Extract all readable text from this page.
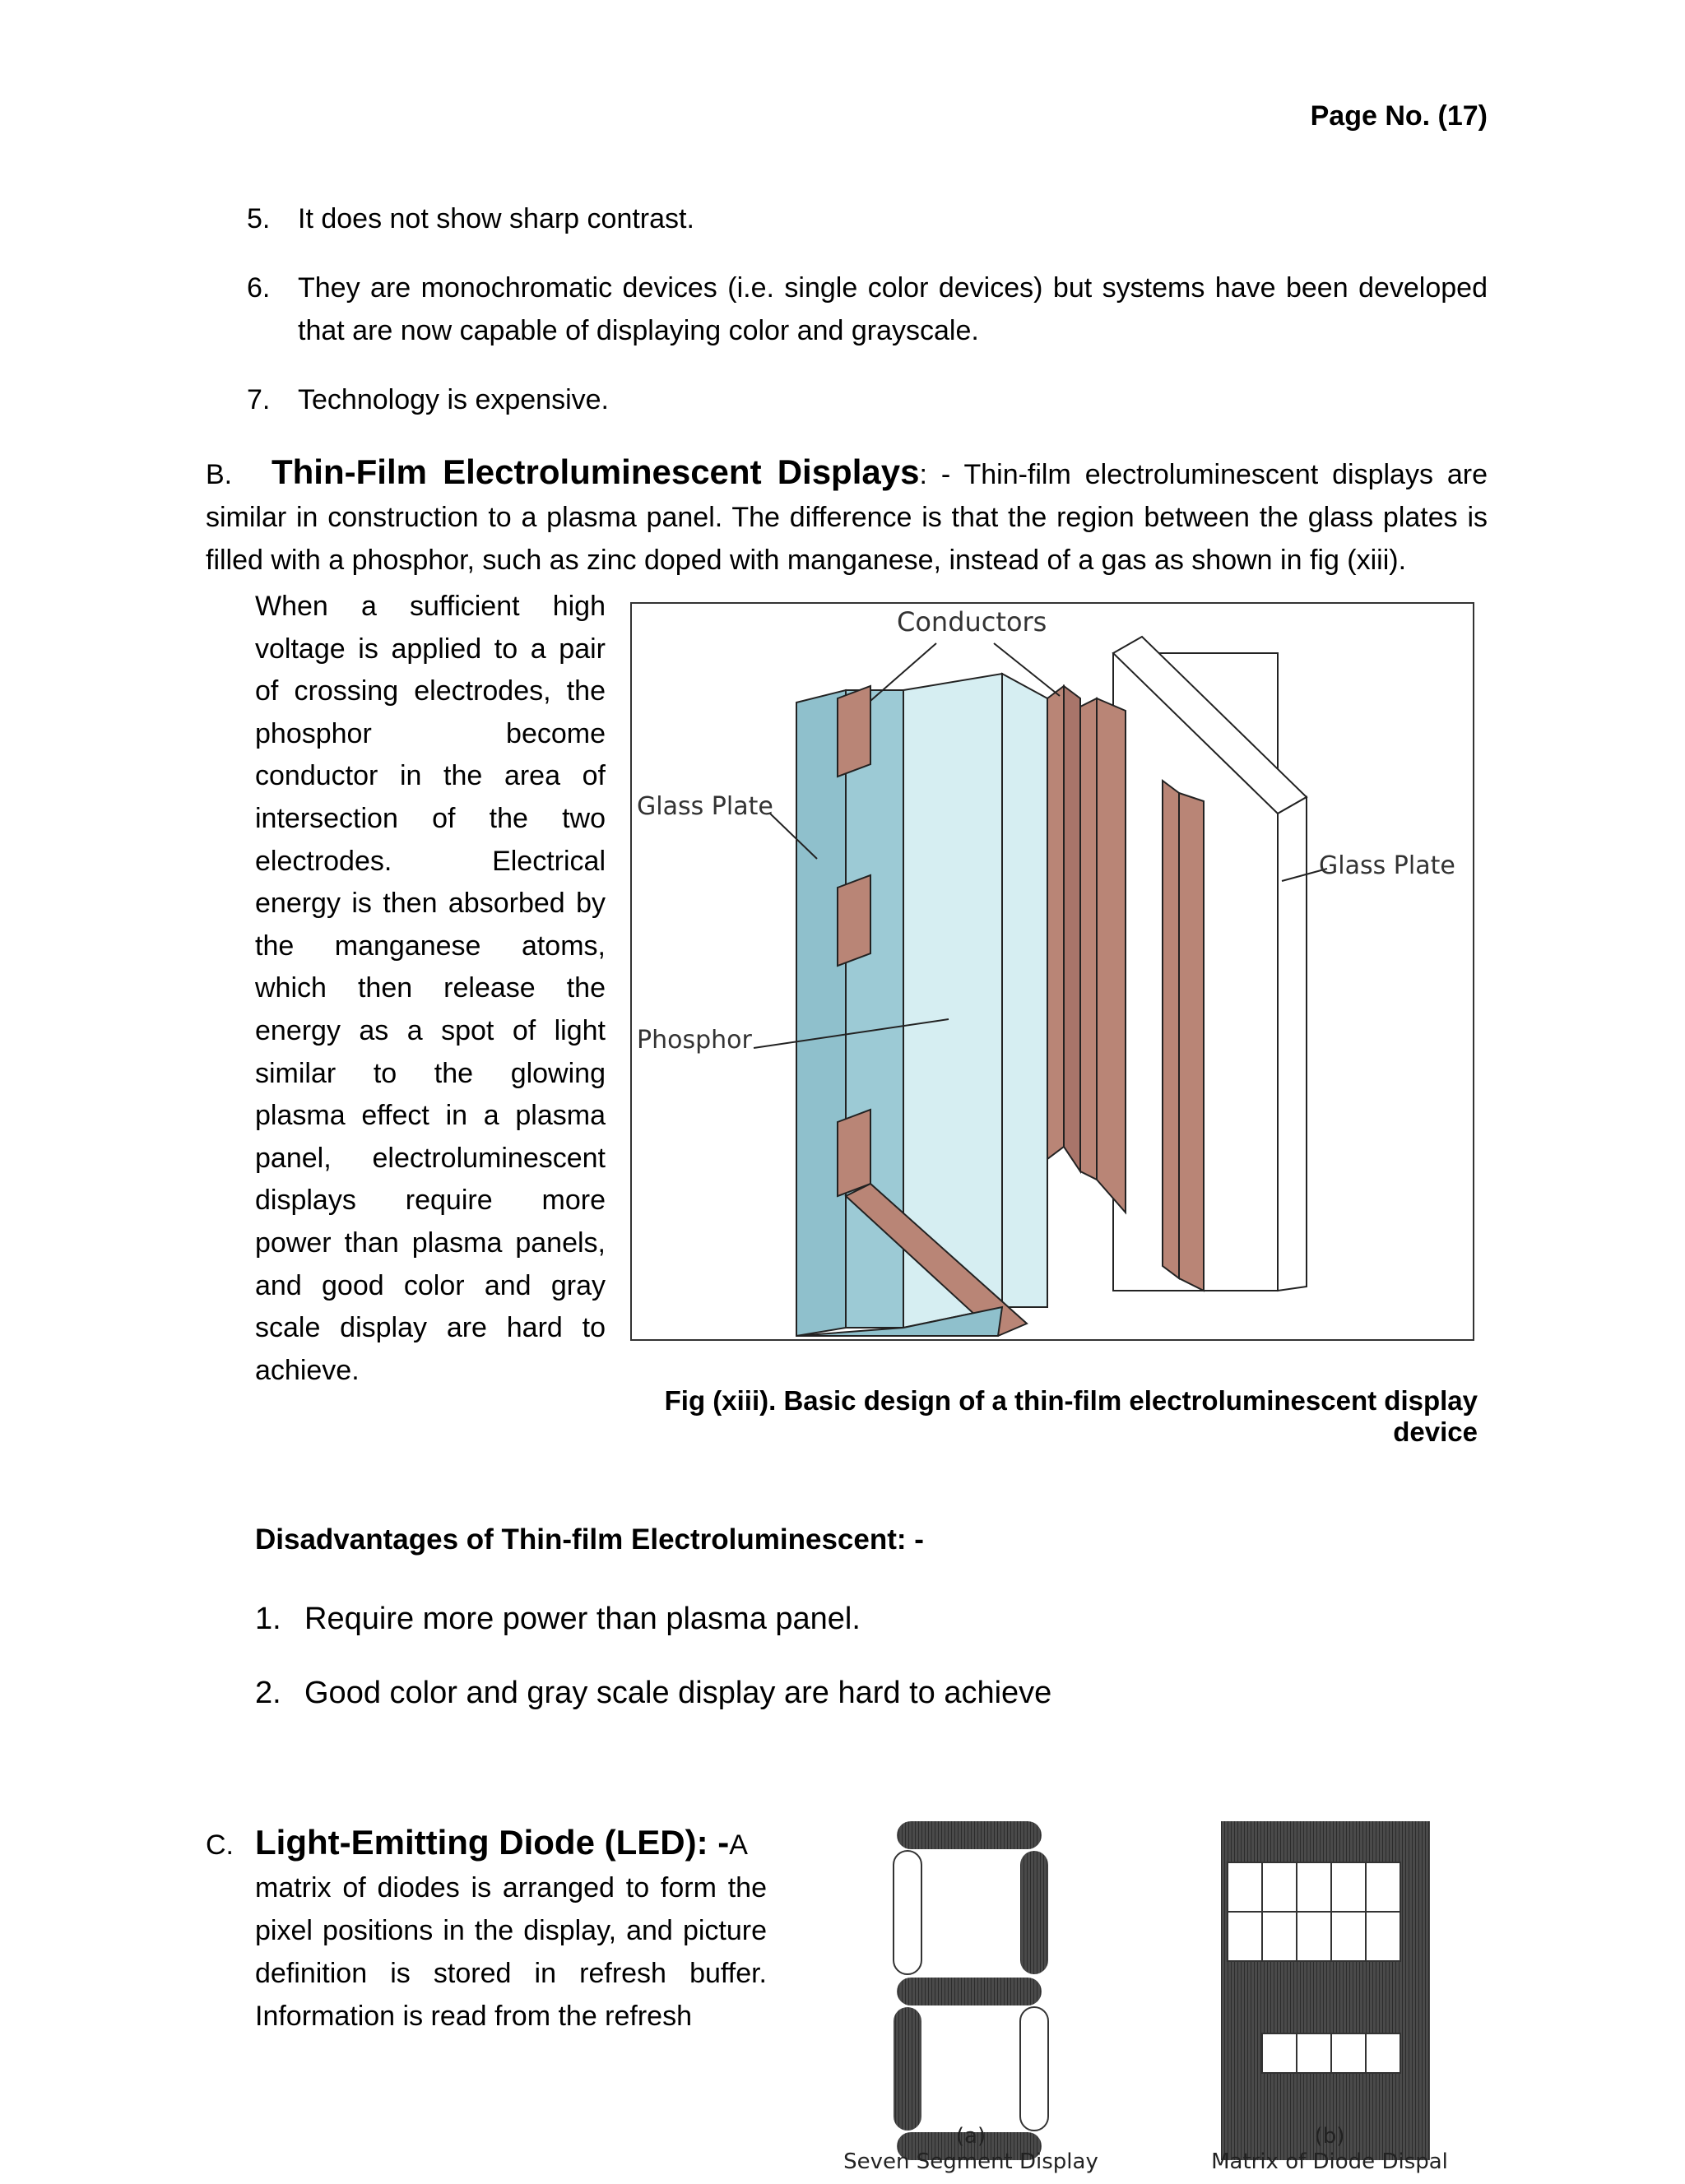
Page No. (17)
5. It does not show sharp contrast.
6. They are monochromatic devices (i.e. single color devices) but systems have been developed that are now capable of displaying color and grayscale.
7. Technology is expensive.
B. Thin-Film Electroluminescent Displays: - Thin-film electroluminescent displays are similar in construction to a plasma panel. The difference is that the region between the glass plates is filled with a phosphor, such as zinc doped with manganese, instead of a gas as shown in fig (xiii).
When a sufficient high voltage is applied to a pair of crossing electrodes, the phosphor become conductor in the area of intersection of the two electrodes. Electrical energy is then absorbed by the manganese atoms, which then release the energy as a spot of light similar to the glowing plasma effect in a plasma panel, electroluminescent displays require more power than plasma panels, and good color and gray scale display are hard to achieve.
Conductors
Glass Plate
Glass Plate
Phosphor
Fig (xiii). Basic design of a thin-film electroluminescent display device
Disadvantages of Thin-film Electroluminescent: -
1. Require more power than plasma panel.
2. Good color and gray scale display are hard to achieve
C. Light-Emitting Diode (LED): - A
matrix of diodes is arranged to form the pixel positions in the display, and picture definition is stored in refresh buffer. Information is read from the refresh
(a)
Seven Segment Display
(b)
Matrix of Diode Dispal
